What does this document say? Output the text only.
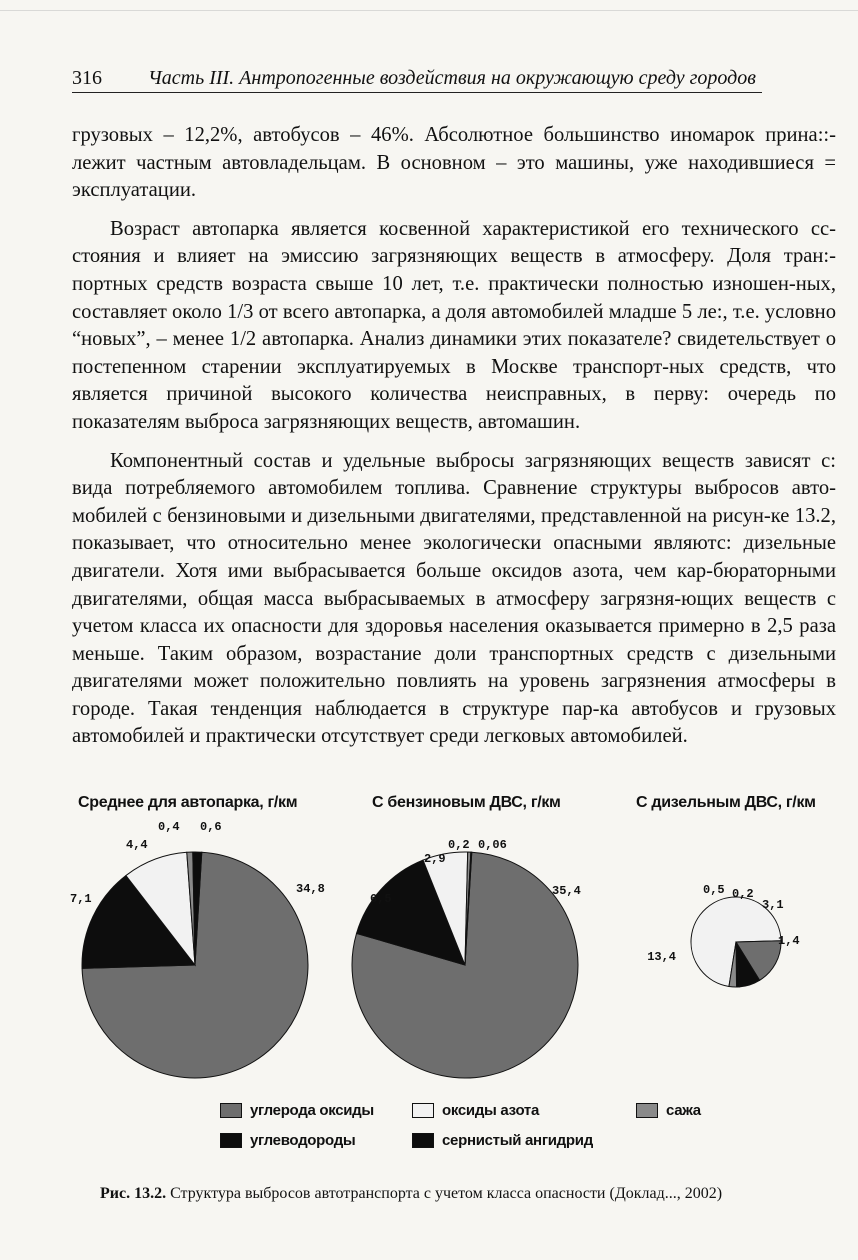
316 Часть III. Антропогенные воздействия на окружающую среду городов

грузовых – 12,2%, автобусов – 46%. Абсолютное большинство иномарок прина::-лежит частным автовладельцам. В основном – это машины, уже находившиеся = эксплуатации.

Возраст автопарка является косвенной характеристикой его технического сс-стояния и влияет на эмиссию загрязняющих веществ в атмосферу. Доля тран:-портных средств возраста свыше 10 лет, т.е. практически полностью изношен-ных, составляет около 1/3 от всего автопарка, а доля автомобилей младше 5 ле:, т.е. условно “новых”, – менее 1/2 автопарка. Анализ динамики этих показателе? свидетельствует о постепенном старении эксплуатируемых в Москве транспорт-ных средств, что является причиной высокого количества неисправных, в перву: очередь по показателям выброса загрязняющих веществ, автомашин.

Компонентный состав и удельные выбросы загрязняющих веществ зависят с: вида потребляемого автомобилем топлива. Сравнение структуры выбросов авто-мобилей с бензиновыми и дизельными двигателями, представленной на рисун-ке 13.2, показывает, что относительно менее экологически опасными являютс: дизельные двигатели. Хотя ими выбрасывается больше оксидов азота, чем кар-бюраторными двигателями, общая масса выбрасываемых в атмосферу загрязня-ющих веществ с учетом класса их опасности для здоровья населения оказывается примерно в 2,5 раза меньше. Таким образом, возрастание доли транспортных средств с дизельными двигателями может положительно повлиять на уровень загрязнения атмосферы в городе. Такая тенденция наблюдается в структуре пар-ка автобусов и грузовых автомобилей и практически отсутствует среди легковых автомобилей.

Среднее для автопарка, г/км	С бензиновым ДВС, г/км	С дизельным ДВС, г/км
34,8
7,1
4,4
0,4 0,6
35,4
6,5
2,9
0,2 0,06
3,1
1,4
13,4
0,5 0,2
углерода оксиды	оксиды азота	сажа
углеводороды	сернистый ангидрид
Рис. 13.2. Структура выбросов автотранспорта с учетом класса опасности (Доклад..., 2002)
